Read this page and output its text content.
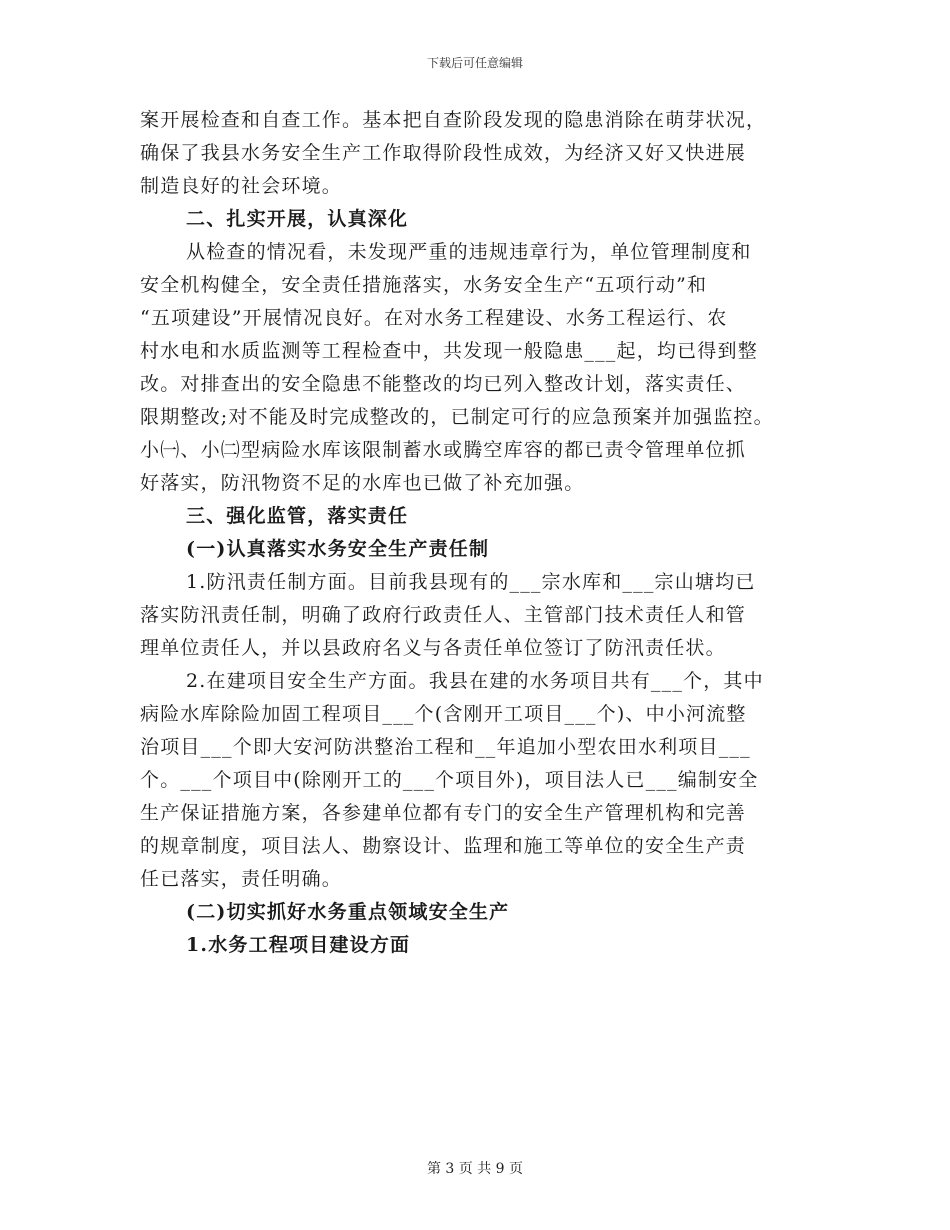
下载后可任意编辑
案开展检查和自查工作。基本把自查阶段发现的隐患消除在萌芽状况，
确保了我县水务安全生产工作取得阶段性成效，为经济又好又快进展
制造良好的社会环境。
二、扎实开展，认真深化
从检查的情况看，未发现严重的违规违章行为，单位管理制度和
安全机构健全，安全责任措施落实，水务安全生产“五项行动”和
“五项建设”开展情况良好。在对水务工程建设、水务工程运行、农
村水电和水质监测等工程检查中，共发现一般隐患___起，均已得到整
改。对排查出的安全隐患不能整改的均已列入整改计划，落实责任、
限期整改;对不能及时完成整改的，已制定可行的应急预案并加强监控。
小㈠、小㈡型病险水库该限制蓄水或腾空库容的都已责令管理单位抓
好落实，防汛物资不足的水库也已做了补充加强。
三、强化监管，落实责任
(一)认真落实水务安全生产责任制
1.防汛责任制方面。目前我县现有的___宗水库和___宗山塘均已
落实防汛责任制，明确了政府行政责任人、主管部门技术责任人和管
理单位责任人，并以县政府名义与各责任单位签订了防汛责任状。
2.在建项目安全生产方面。我县在建的水务项目共有___个，其中
病险水库除险加固工程项目___个(含刚开工项目___个)、中小河流整
治项目___个即大安河防洪整治工程和__年追加小型农田水利项目___
个。___个项目中(除刚开工的___个项目外)，项目法人已___编制安全
生产保证措施方案，各参建单位都有专门的安全生产管理机构和完善
的规章制度，项目法人、勘察设计、监理和施工等单位的安全生产责
任已落实，责任明确。
(二)切实抓好水务重点领域安全生产
1.水务工程项目建设方面
第 3 页 共 9 页
